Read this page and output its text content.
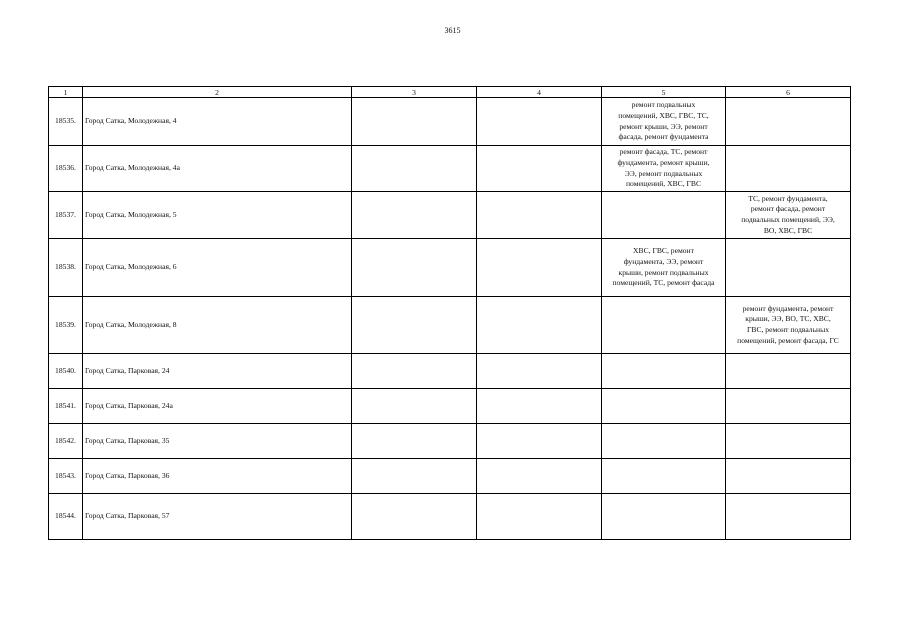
3615
1	2	3	4	5	6
18535.	Город Сатка, Молодежная, 4			ремонт подвальных
помещений, ХВС, ГВС, ТС,
ремонт крыши, ЭЭ, ремонт
фасада, ремонт фундамента	

18536.	Город Сатка, Молодежная, 4а			ремонт фасада, ТС, ремонт
фундамента, ремонт крыши,
ЭЭ, ремонт подвальных
помещений, ХВС, ГВС	

18537.	Город Сатка, Молодежная, 5				ТС, ремонт фундамента,
ремонт фасада, ремонт
подвальных помещений, ЭЭ,
ВО, ХВС, ГВС

18538.	Город Сатка, Молодежная, 6			ХВС, ГВС, ремонт
фундамента, ЭЭ, ремонт
крыши, ремонт подвальных
помещений, ТС, ремонт фасада	

18539.	Город Сатка, Молодежная, 8				ремонт фундамента, ремонт
крыши, ЭЭ, ВО, ТС, ХВС,
ГВС, ремонт подвальных
помещений, ремонт фасада, ГС

18540.	Город Сатка, Парковая, 24				
18541.	Город Сатка, Парковая, 24а				
18542.	Город Сатка, Парковая, 35				
18543.	Город Сатка, Парковая, 36				
18544.	Город Сатка, Парковая, 57				
